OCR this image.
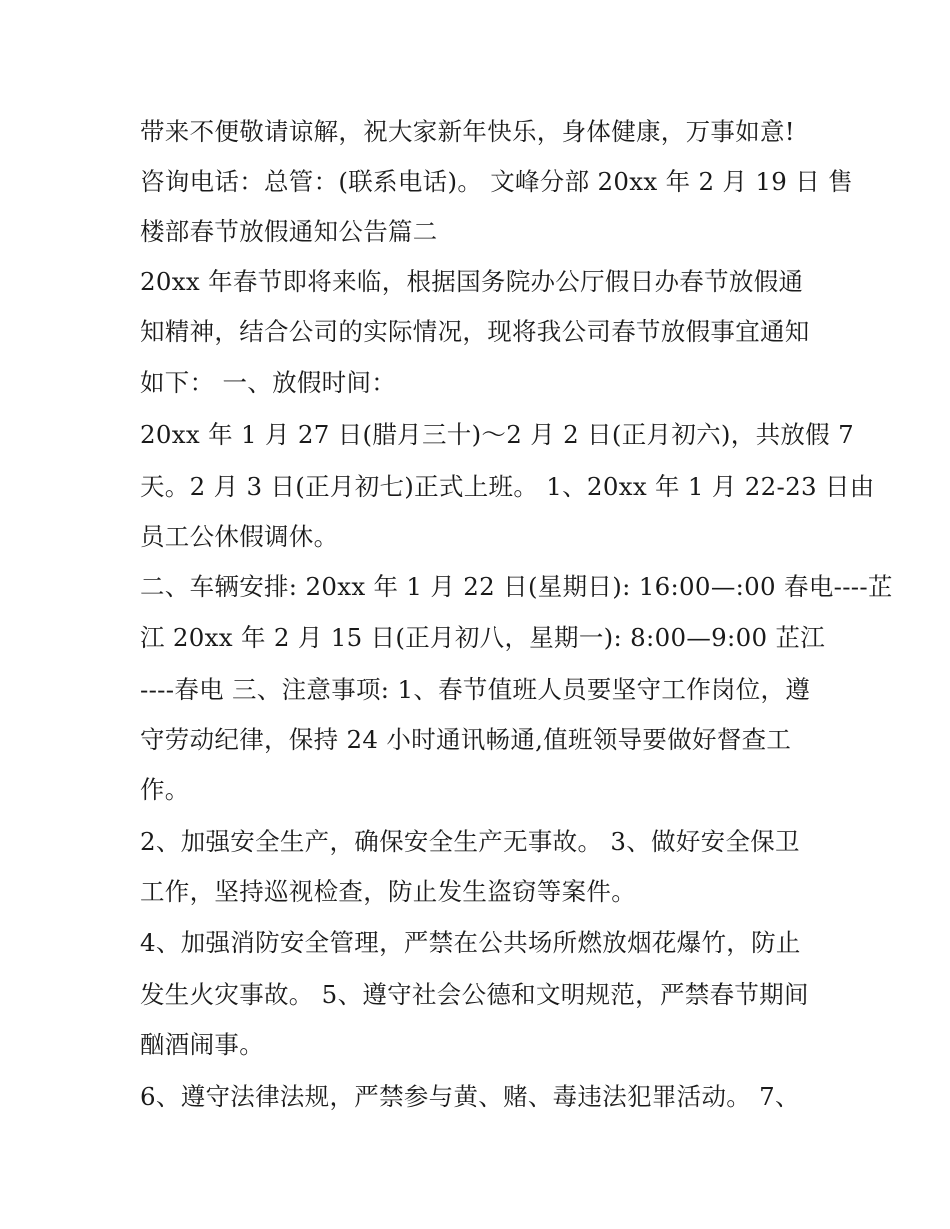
带来不便敬请谅解，祝大家新年快乐，身体健康，万事如意!
咨询电话：总管：(联系电话)。 文峰分部 20xx 年 2 月 19 日 售
楼部春节放假通知公告篇二
20xx 年春节即将来临，根据国务院办公厅假日办春节放假通
知精神，结合公司的实际情况，现将我公司春节放假事宜通知
如下： 一、放假时间：
20xx 年 1 月 27 日(腊月三十)～2 月 2 日(正月初六)，共放假 7
天。2 月 3 日(正月初七)正式上班。 1、20xx 年 1 月 22-23 日由
员工公休假调休。
二、车辆安排: 20xx 年 1 月 22 日(星期日): 16:00—:00 春电----芷
江 20xx 年 2 月 15 日(正月初八，星期一): 8:00—9:00 芷江
----春电 三、注意事项: 1、春节值班人员要坚守工作岗位，遵
守劳动纪律，保持 24 小时通讯畅通,值班领导要做好督查工
作。
2、加强安全生产，确保安全生产无事故。 3、做好安全保卫
工作，坚持巡视检查，防止发生盗窃等案件。
4、加强消防安全管理，严禁在公共场所燃放烟花爆竹，防止
发生火灾事故。 5、遵守社会公德和文明规范，严禁春节期间
酗酒闹事。
6、遵守法律法规，严禁参与黄、赌、毒违法犯罪活动。 7、
